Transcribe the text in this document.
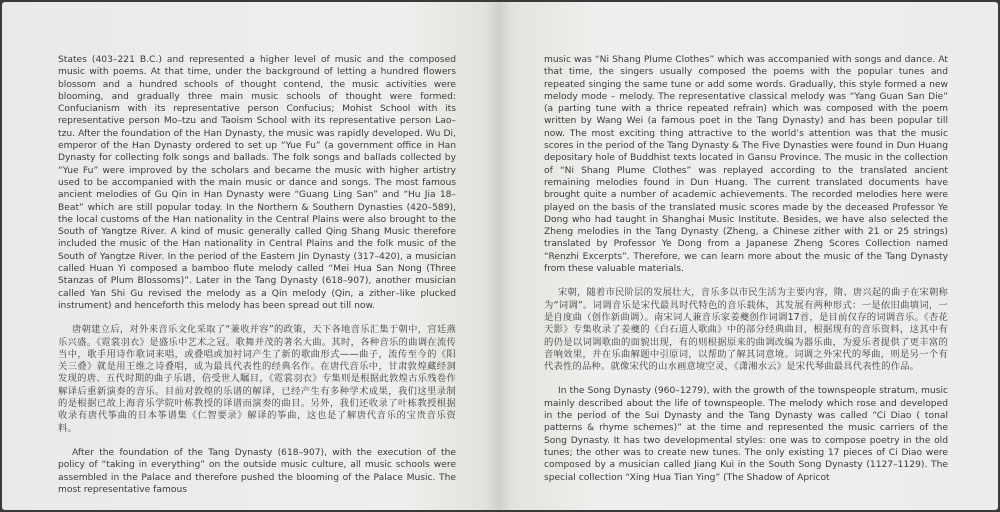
States (403–221 B.C.) and represented a higher level of music and the composed music with poems. At that time, under the background of letting a hundred flowers blossom and a hundred schools of thought contend, the music activities were blooming, and gradually three main music schools of thought were formed: Confucianism with its representative person Confucius; Mohist School with its representative person Mo–tzu and Taoism School with its representative person Lao–tzu. After the foundation of the Han Dynasty, the music was rapidly developed. Wu Di, emperor of the Han Dynasty ordered to set up “Yue Fu” (a government office in Han Dynasty for collecting folk songs and ballads. The folk songs and ballads collected by “Yue Fu” were improved by the scholars and became the music with higher artistry used to be accompanied with the main music or dance and songs. The most famous ancient melodies of Gu Qin in Han Dynasty were “Guang Ling San” and “Hu Jia 18–Beat” which are still popular today. In the Northern & Southern Dynasties (420–589), the local customs of the Han nationality in the Central Plains were also brought to the South of Yangtze River. A kind of music generally called Qing Shang Music therefore included the music of the Han nationality in Central Plains and the folk music of the South of Yangtze River. In the period of the Eastern Jin Dynasty (317–420), a musician called Huan Yi composed a bamboo flute melody called “Mei Hua San Nong (Three Stanzas of Plum Blossoms)”. Later in the Tang Dynasty (618–907), another musician called Yan Shi Gu revised the melody as a Qin melody (Qin, a zither–like plucked instrument) and henceforth this melody has been spread out till now.

唐朝建立后，对外来音乐文化采取了“兼收并容”的政策，天下各地音乐汇集于朝中，宫廷燕乐兴盛。《霓裳羽衣》是盛乐中艺术之冠。歌舞并茂的著名大曲。其时，各种音乐的曲调在流传当中，歌手用诗作歌词来唱，或叠唱或加衬词产生了新的歌曲形式——曲子，流传至今的《阳关三叠》就是用王维之诗叠唱，成为最具代表性的经典名作。在唐代音乐中，甘肃敦煌藏经洞发现的唐、五代时期的曲子乐谱，倍受世人瞩目，《霓裳羽衣》专集则是根据此敦煌古乐残卷作解译后重新演奏的音乐。目前对敦煌的乐谱的解译，已经产生有多种学术成果，我们这里录制的是根据已故上海音乐学院叶栋教授的译谱而演奏的曲目。另外，我们还收录了叶栋教授根据收录有唐代筝曲的日本筝谱集《仁智要录》解译的筝曲，这也是了解唐代音乐的宝贵音乐资料。

After the foundation of the Tang Dynasty (618–907), with the execution of the policy of “taking in everything” on the outside music culture, all music schools were assembled in the Palace and therefore pushed the blooming of the Palace Music. The most representative famous

music was “Ni Shang Plume Clothes” which was accompanied with songs and dance. At that time, the singers usually composed the poems with the popular tunes and repeated singing the same tune or add some words. Gradually, this style formed a new melody mode – melody. The representative classical melody was “Yang Guan San Die” (a parting tune with a thrice repeated refrain) which was composed with the poem written by Wang Wei (a famous poet in the Tang Dynasty) and has been popular till now. The most exciting thing attractive to the world’s attention was that the music scores in the period of the Tang Dynasty & The Five Dynasties were found in Dun Huang depositary hole of Buddhist texts located in Gansu Province. The music in the collection of “Ni Shang Plume Clothes” was replayed according to the translated ancient remaining melodies found in Dun Huang. The current translated documents have brought quite a number of academic achievements. The recorded melodies here were played on the basis of the translated music scores made by the deceased Professor Ye Dong who had taught in Shanghai Music Institute. Besides, we have also selected the Zheng melodies in the Tang Dynasty (Zheng, a Chinese zither with 21 or 25 strings) translated by Professor Ye Dong from a Japanese Zheng Scores Collection named “Renzhi Excerpts”. Therefore, we can learn more about the music of the Tang Dynasty from these valuable materials.

宋朝，随着市民阶层的发展壮大，音乐多以市民生活为主要内容，隋、唐兴起的曲子在宋朝称为“词调”。词调音乐是宋代最具时代特色的音乐载体，其发展有两种形式：一是依旧曲填词，一是自度曲（创作新曲调）。南宋词人兼音乐家姜夔创作词调17首，是目前仅存的词调音乐。《杏花天影》专集收录了姜夔的《白石道人歌曲》中的部分经典曲目，根据现有的音乐资料，这其中有的仍是以词调歌曲的面貌出现，有的则根据原来的曲调改编为器乐曲，为爱乐者提供了更丰富的音响效果，并在乐曲解题中引原词，以帮助了解其词意境。词调之外宋代的琴曲，则是另一个有代表性的品种。就像宋代的山水画意境空灵，《潇湘水云》是宋代琴曲最具代表性的作品。

In the Song Dynasty (960–1279), with the growth of the townspeople stratum, music mainly described about the life of townspeople. The melody which rose and developed in the period of the Sui Dynasty and the Tang Dynasty was called “Ci Diao ( tonal patterns & rhyme schemes)” at the time and represented the music carriers of the Song Dynasty. It has two developmental styles: one was to compose poetry in the old tunes; the other was to create new tunes. The only existing 17 pieces of Ci Diao were composed by a musician called Jiang Kui in the South Song Dynasty (1127–1129). The special collection “Xing Hua Tian Ying” (The Shadow of Apricot
